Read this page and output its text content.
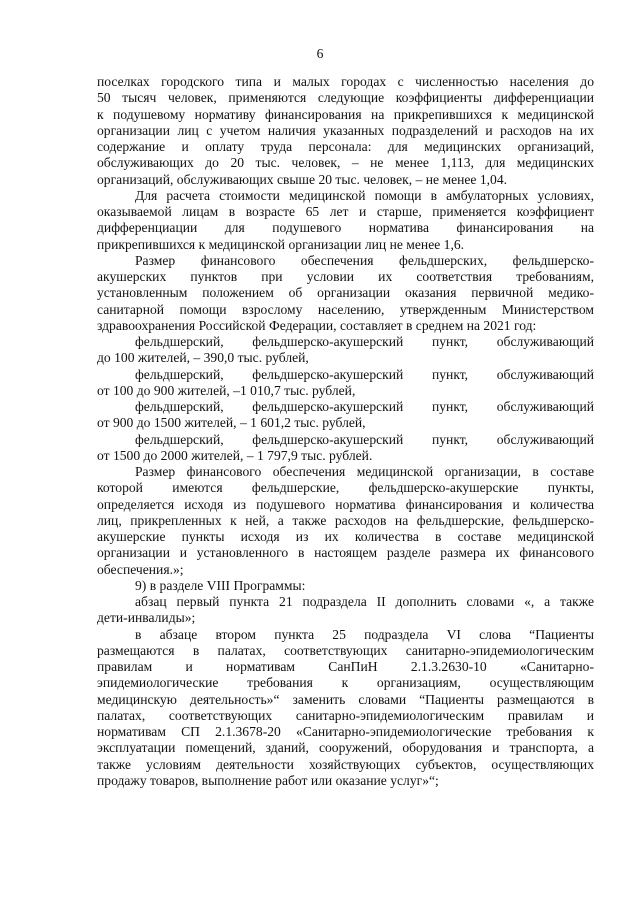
6
поселках городского типа и малых городах с численностью населения до
50 тысяч человек, применяются следующие коэффициенты дифференциации
к подушевому нормативу финансирования на прикрепившихся к медицинской
организации лиц с учетом наличия указанных подразделений и расходов на их
содержание и оплату труда персонала: для медицинских организаций,
обслуживающих до 20 тыс. человек, – не менее 1,113, для медицинских
организаций, обслуживающих свыше 20 тыс. человек, – не менее 1,04.
Для расчета стоимости медицинской помощи в амбулаторных условиях,
оказываемой лицам в возрасте 65 лет и старше, применяется коэффициент
дифференциации для подушевого норматива финансирования на
прикрепившихся к медицинской организации лиц не менее 1,6.
Размер финансового обеспечения фельдшерских, фельдшерско-
акушерских пунктов при условии их соответствия требованиям,
установленным положением об организации оказания первичной медико-
санитарной помощи взрослому населению, утвержденным Министерством
здравоохранения Российской Федерации, составляет в среднем на 2021 год:
фельдшерский, фельдшерско-акушерский пункт, обслуживающий
до 100 жителей, – 390,0 тыс. рублей,
фельдшерский, фельдшерско-акушерский пункт, обслуживающий
от 100 до 900 жителей, –1 010,7 тыс. рублей,
фельдшерский, фельдшерско-акушерский пункт, обслуживающий
от 900 до 1500 жителей, – 1 601,2 тыс. рублей,
фельдшерский, фельдшерско-акушерский пункт, обслуживающий
от 1500 до 2000 жителей, – 1 797,9 тыс. рублей.
Размер финансового обеспечения медицинской организации, в составе
которой имеются фельдшерские, фельдшерско-акушерские пункты,
определяется исходя из подушевого норматива финансирования и количества
лиц, прикрепленных к ней, а также расходов на фельдшерские, фельдшерско-
акушерские пункты исходя из их количества в составе медицинской
организации и установленного в настоящем разделе размера их финансового
обеспечения.»;
9) в разделе VIII Программы:
абзац первый пункта 21 подраздела II дополнить словами «, а также
дети-инвалиды»;
в абзаце втором пункта 25 подраздела VI слова “Пациенты
размещаются в палатах, соответствующих санитарно-эпидемиологическим
правилам и нормативам СанПиН 2.1.3.2630-10 «Санитарно-
эпидемиологические требования к организациям, осуществляющим
медицинскую деятельность»“ заменить словами “Пациенты размещаются в
палатах, соответствующих санитарно-эпидемиологическим правилам и
нормативам СП 2.1.3678-20 «Санитарно-эпидемиологические требования к
эксплуатации помещений, зданий, сооружений, оборудования и транспорта, а
также условиям деятельности хозяйствующих субъектов, осуществляющих
продажу товаров, выполнение работ или оказание услуг»“;
